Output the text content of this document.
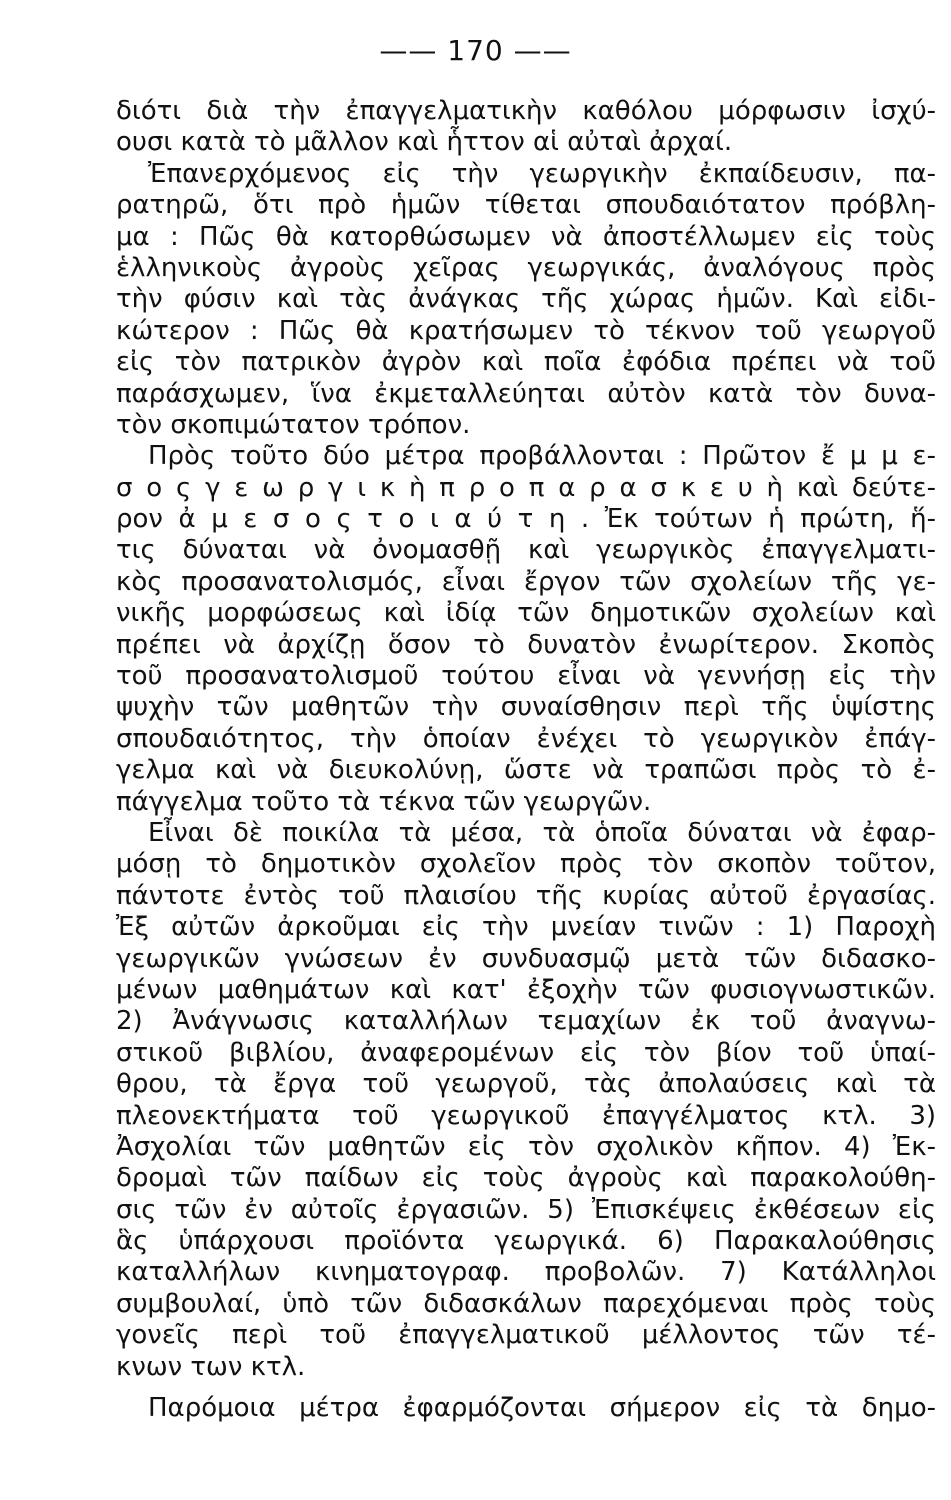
—— 170 ——
διότι διὰ τὴν ἐπαγγελματικὴν καθόλου μόρφωσιν ἰσχύ-
ουσι κατὰ τὸ μᾶλλον καὶ ἧττον αἱ αὐταὶ ἀρχαί.
Ἐπανερχόμενος εἰς τὴν γεωργικὴν ἐκπαίδευσιν, πα-
ρατηρῶ, ὅτι πρὸ ἡμῶν τίθεται σπουδαιότατον πρόβλη-
μα : Πῶς θὰ κατορθώσωμεν νὰ ἀποστέλλωμεν εἰς τοὺς
ἑλληνικοὺς ἀγροὺς χεῖρας γεωργικάς, ἀναλόγους πρὸς
τὴν φύσιν καὶ τὰς ἀνάγκας τῆς χώρας ἡμῶν. Καὶ εἰδι-
κώτερον : Πῶς θὰ κρατήσωμεν τὸ τέκνον τοῦ γεωργοῦ
εἰς τὸν πατρικὸν ἀγρὸν καὶ ποῖα ἐφόδια πρέπει νὰ τοῦ
παράσχωμεν, ἵνα ἐκμεταλλεύηται αὐτὸν κατὰ τὸν δυνα-
τὸν σκοπιμώτατον τρόπον.
Πρὸς τοῦτο δύο μέτρα προβάλλονται : Πρῶτον ἔ μ μ ε-
σ ο ς γ ε ω ρ γ ι κ ὴ π ρ ο π α ρ α σ κ ε υ ὴ καὶ δεύτε-
ρον ἀ μ ε σ ο ς τ ο ι α ύ τ η . Ἐκ τούτων ἡ πρώτη, ἥ-
τις δύναται νὰ ὀνομασθῇ καὶ γεωργικὸς ἐπαγγελματι-
κὸς προσανατολισμός, εἶναι ἔργον τῶν σχολείων τῆς γε-
νικῆς μορφώσεως καὶ ἰδίᾳ τῶν δημοτικῶν σχολείων καὶ
πρέπει νὰ ἀρχίζῃ ὅσον τὸ δυνατὸν ἐνωρίτερον. Σκοπὸς
τοῦ προσανατολισμοῦ τούτου εἶναι νὰ γεννήσῃ εἰς τὴν
ψυχὴν τῶν μαθητῶν τὴν συναίσθησιν περὶ τῆς ὑψίστης
σπουδαιότητος, τὴν ὁποίαν ἐνέχει τὸ γεωργικὸν ἐπάγ-
γελμα καὶ νὰ διευκολύνῃ, ὥστε νὰ τραπῶσι πρὸς τὸ ἐ-
πάγγελμα τοῦτο τὰ τέκνα τῶν γεωργῶν.
Εἶναι δὲ ποικίλα τὰ μέσα, τὰ ὁποῖα δύναται νὰ ἐφαρ-
μόσῃ τὸ δημοτικὸν σχολεῖον πρὸς τὸν σκοπὸν τοῦτον,
πάντοτε ἐντὸς τοῦ πλαισίου τῆς κυρίας αὐτοῦ ἐργασίας.
Ἐξ αὐτῶν ἀρκοῦμαι εἰς τὴν μνείαν τινῶν : 1) Παροχὴ
γεωργικῶν γνώσεων ἐν συνδυασμῷ μετὰ τῶν διδασκο-
μένων μαθημάτων καὶ κατ' ἐξοχὴν τῶν φυσιογνωστικῶν.
2) Ἀνάγνωσις καταλλήλων τεμαχίων ἐκ τοῦ ἀναγνω-
στικοῦ βιβλίου, ἀναφερομένων εἰς τὸν βίον τοῦ ὑπαί-
θρου, τὰ ἔργα τοῦ γεωργοῦ, τὰς ἀπολαύσεις καὶ τὰ
πλεονεκτήματα τοῦ γεωργικοῦ ἐπαγγέλματος κτλ. 3)
Ἀσχολίαι τῶν μαθητῶν εἰς τὸν σχολικὸν κῆπον. 4) Ἐκ-
δρομαὶ τῶν παίδων εἰς τοὺς ἀγροὺς καὶ παρακολούθη-
σις τῶν ἐν αὐτοῖς ἐργασιῶν. 5) Ἐπισκέψεις ἐκθέσεων εἰς
ἃς ὑπάρχουσι προϊόντα γεωργικά. 6) Παρακαλούθησις
καταλλήλων κινηματογραφ. προβολῶν. 7) Κατάλληλοι
συμβουλαί, ὑπὸ τῶν διδασκάλων παρεχόμεναι πρὸς τοὺς
γονεῖς περὶ τοῦ ἐπαγγελματικοῦ μέλλοντος τῶν τέ-
κνων των κτλ.
Παρόμοια μέτρα ἐφαρμόζονται σήμερον εἰς τὰ δημο-
